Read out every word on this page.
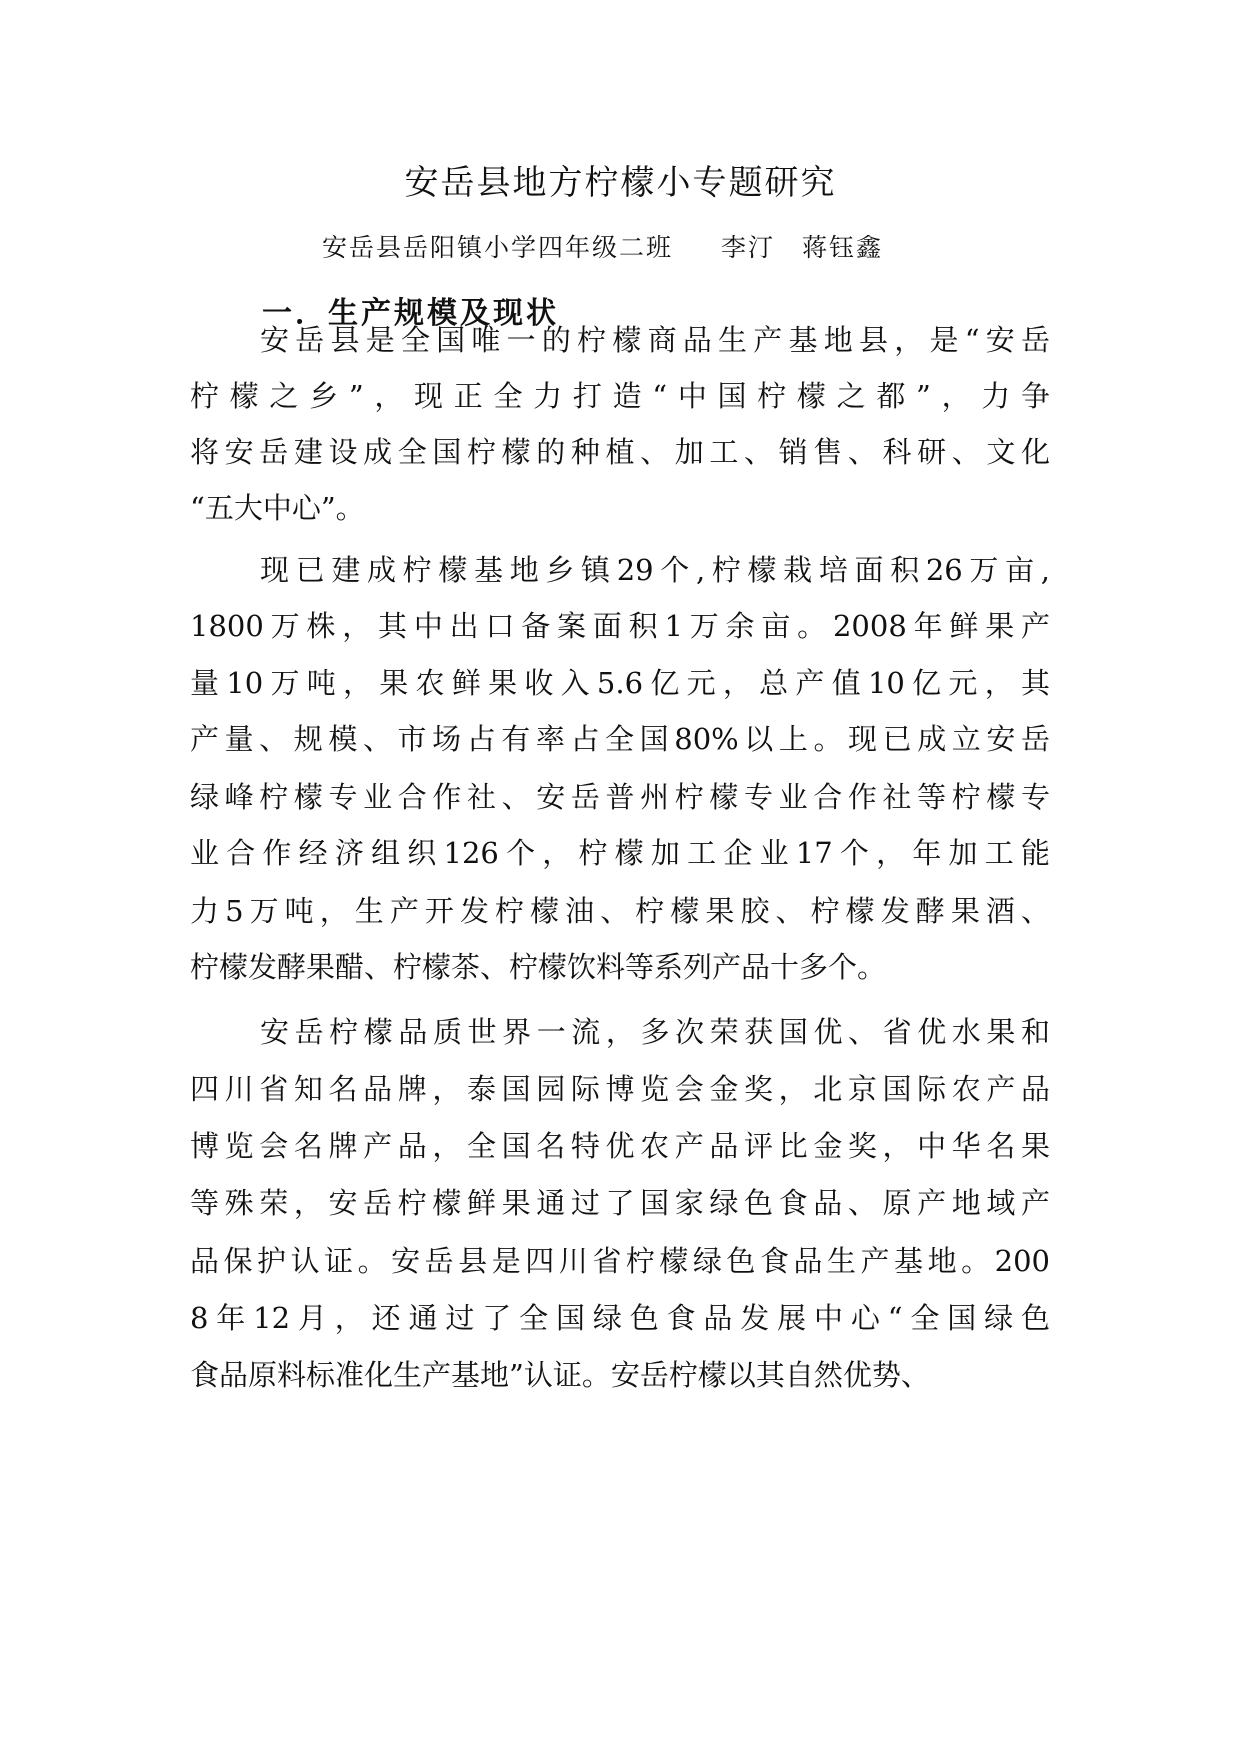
安岳县地方柠檬小专题研究
安岳县岳阳镇小学四年级二班 李汀　蒋钰鑫
一．生产规模及现状
安岳县是全国唯一的柠檬商品生产基地县，是“安岳
柠檬之乡”，现正全力打造“中国柠檬之都”，力争
将安岳建设成全国柠檬的种植、加工、销售、科研、文化
“五大中心”。
现已建成柠檬基地乡镇29个,柠檬栽培面积26万亩,
1800万株，其中出口备案面积1万余亩。2008年鲜果产
量10万吨，果农鲜果收入5.6亿元，总产值10亿元，其
产量、规模、市场占有率占全国80%以上。现已成立安岳
绿峰柠檬专业合作社、安岳普州柠檬专业合作社等柠檬专
业合作经济组织126个，柠檬加工企业17个，年加工能
力5万吨，生产开发柠檬油、柠檬果胶、柠檬发酵果酒、
柠檬发酵果醋、柠檬茶、柠檬饮料等系列产品十多个。
安岳柠檬品质世界一流，多次荣获国优、省优水果和
四川省知名品牌，泰国园际博览会金奖，北京国际农产品
博览会名牌产品，全国名特优农产品评比金奖，中华名果
等殊荣，安岳柠檬鲜果通过了国家绿色食品、原产地域产
品保护认证。安岳县是四川省柠檬绿色食品生产基地。200
8年12月，还通过了全国绿色食品发展中心“全国绿色
食品原料标准化生产基地”认证。安岳柠檬以其自然优势、
